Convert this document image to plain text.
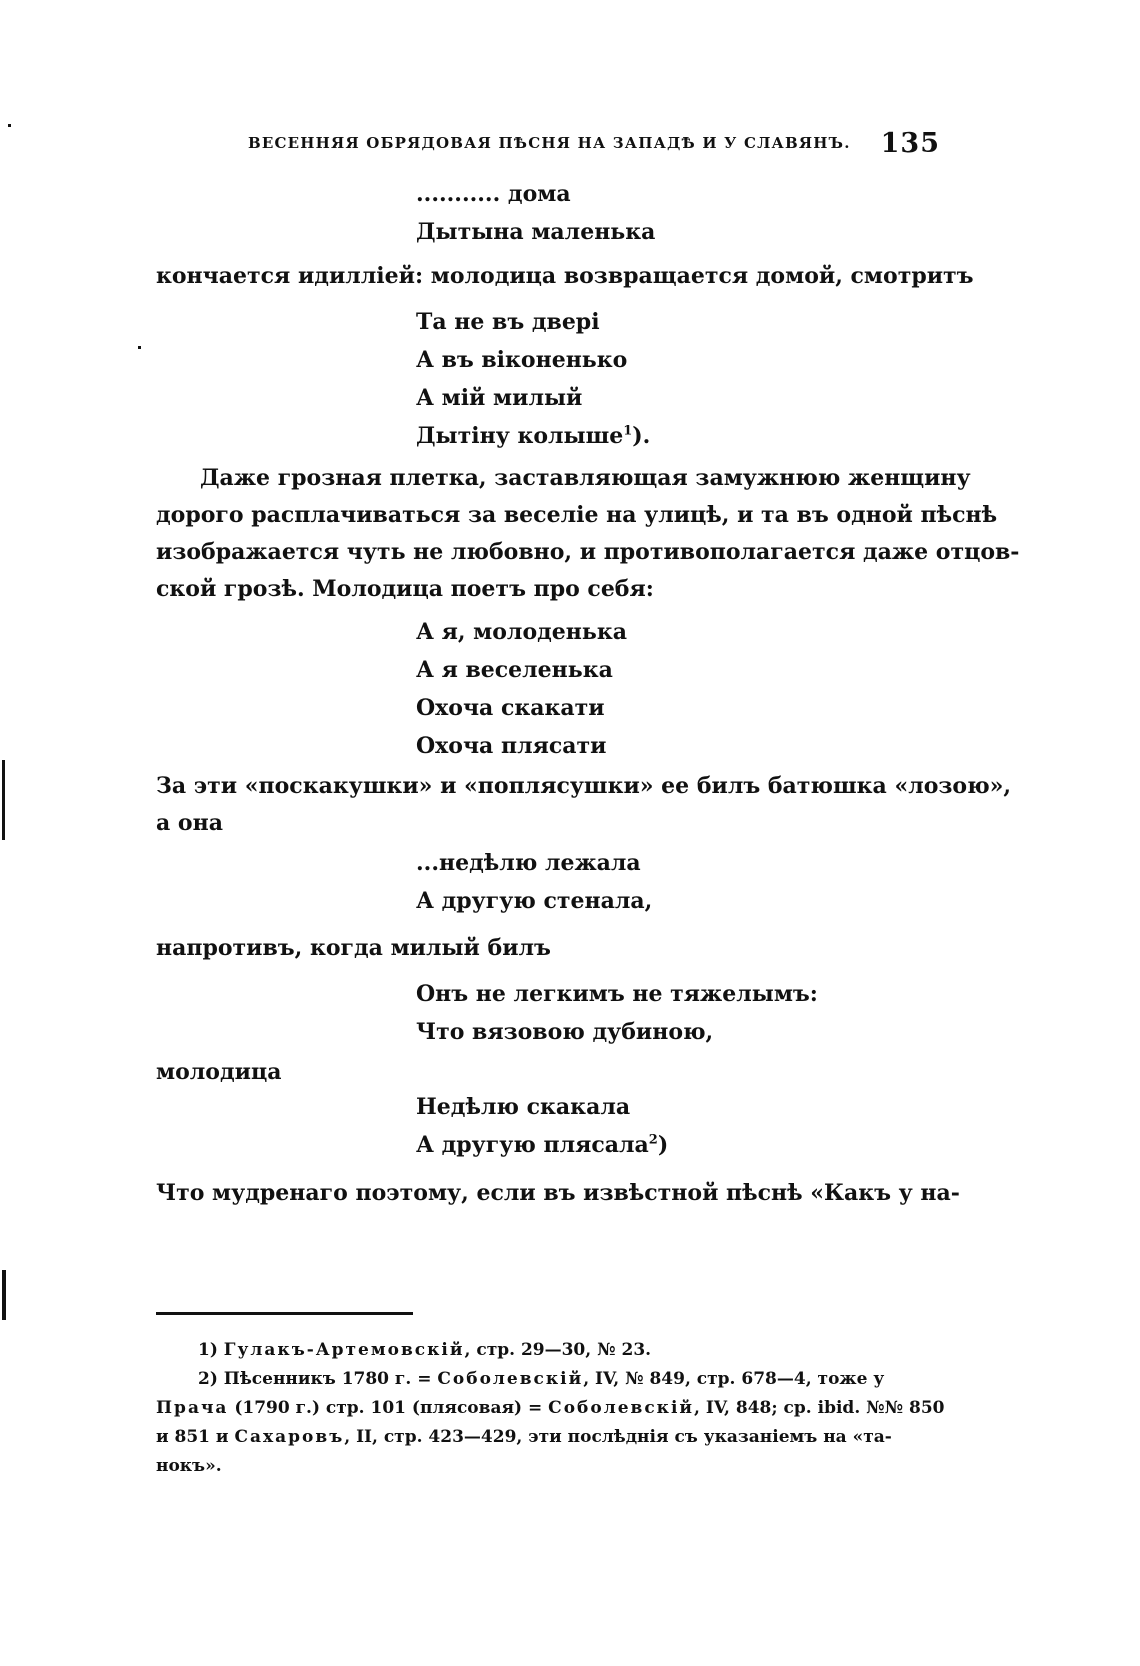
ВЕСЕННЯЯ ОБРЯДОВАЯ ПѢСНЯ НА ЗАПАДѢ И У СЛАВЯНЪ. 135
........... дома
Дытына маленька

кончается идилліей: молодица возвращается домой, смотритъ

Та не въ дверi
А въ вiконенько
А мiй милый
Дытiну колыше$^1$).

Даже грозная плетка, заставляющая замужнюю женщину

дорого расплачиваться за веселіе на улицѣ, и та въ одной пѣснѣ

изображается чуть не любовно, и противополагается даже отцов-

ской грозѣ. Молодица поетъ про себя:

А я, молоденька
А я веселенька
Охоча скакати
Охоча плясати

За эти «поскакушки» и «поплясушки» ее билъ батюшка «лозою»,

а она

...недѣлю лежала
А другую стенала,

напротивъ, когда милый билъ

Онъ не легкимъ не тяжелымъ:
Что вязовою дубиною,

молодица

Недѣлю скакала
А другую плясала$^2$)

Что мудренаго поэтому, если въ извѣстной пѣснѣ «Какъ у на-

1) Гулакъ-Артемовскій, стр. 29—30, № 23.

2) Пѣсенникъ 1780 г. = Соболевскій, IV, № 849, стр. 678—4, тоже у

Прача (1790 г.) стр. 101 (плясовая) = Соболевскій, IV, 848; ср. ibid. №№ 850

и 851 и Сахаровъ, II, стр. 423—429, эти послѣднія съ указаніемъ на «та-

нокъ».
